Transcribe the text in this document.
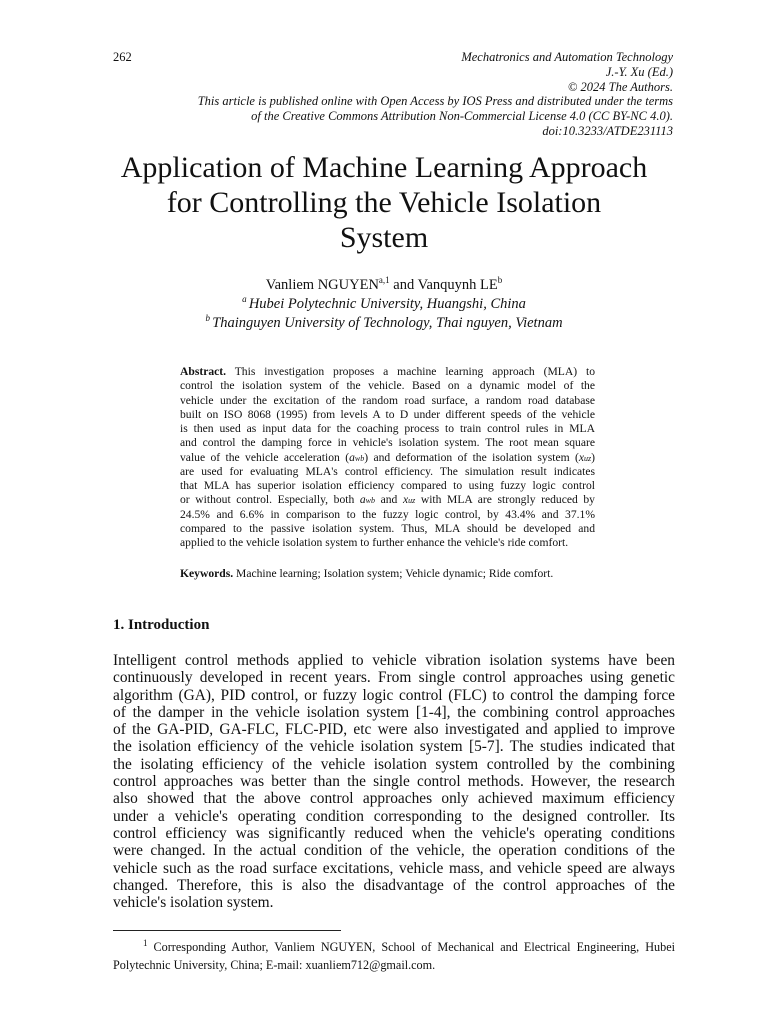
262	Mechatronics and Automation Technology
J.-Y. Xu (Ed.)
© 2024 The Authors.
This article is published online with Open Access by IOS Press and distributed under the terms
of the Creative Commons Attribution Non-Commercial License 4.0 (CC BY-NC 4.0).
doi:10.3233/ATDE231113
Application of Machine Learning Approach
for Controlling the Vehicle Isolation
System
Vanliem NGUYEN$^{a,1}$ and Vanquynh $LE^b$
$^a$ Hubei Polytechnic University, Huangshi, China
$^b$ Thainguyen University of Technology, Thai nguyen, Vietnam
Abstract. This investigation proposes a machine learning approach (MLA) to
control the isolation system of the vehicle. Based on a dynamic model of the
vehicle under the excitation of the random road surface, a random road database
built on ISO 8068 (1995) from levels A to D under different speeds of the vehicle
is then used as input data for the coaching process to train control rules in MLA
and control the damping force in vehicle's isolation system. The root mean square
value of the vehicle acceleration (awb) and deformation of the isolation system (xuz)
are used for evaluating MLA's control efficiency. The simulation result indicates
that MLA has superior isolation efficiency compared to using fuzzy logic control
or without control. Especially, both awb and xuz with MLA are strongly reduced by
24.5% and 6.6% in comparison to the fuzzy logic control, by 43.4% and 37.1%
compared to the passive isolation system. Thus, MLA should be developed and
applied to the vehicle isolation system to further enhance the vehicle's ride comfort.
Keywords. Machine learning; Isolation system; Vehicle dynamic; Ride comfort.
1. Introduction
Intelligent control methods applied to vehicle vibration isolation systems have been
continuously developed in recent years. From single control approaches using genetic
algorithm (GA), PID control, or fuzzy logic control (FLC) to control the damping force
of the damper in the vehicle isolation system [1-4], the combining control approaches
of the GA-PID, GA-FLC, FLC-PID, etc were also investigated and applied to improve
the isolation efficiency of the vehicle isolation system [5-7]. The studies indicated that
the isolating efficiency of the vehicle isolation system controlled by the combining
control approaches was better than the single control methods. However, the research
also showed that the above control approaches only achieved maximum efficiency
under a vehicle's operating condition corresponding to the designed controller. Its
control efficiency was significantly reduced when the vehicle's operating conditions
were changed. In the actual condition of the vehicle, the operation conditions of the
vehicle such as the road surface excitations, vehicle mass, and vehicle speed are always
changed. Therefore, this is also the disadvantage of the control approaches of the
vehicle's isolation system.
$^1$ Corresponding Author, Vanliem NGUYEN, School of Mechanical and Electrical Engineering, Hubei
Polytechnic University, China; E-mail: xuanliem712@gmail.com.
